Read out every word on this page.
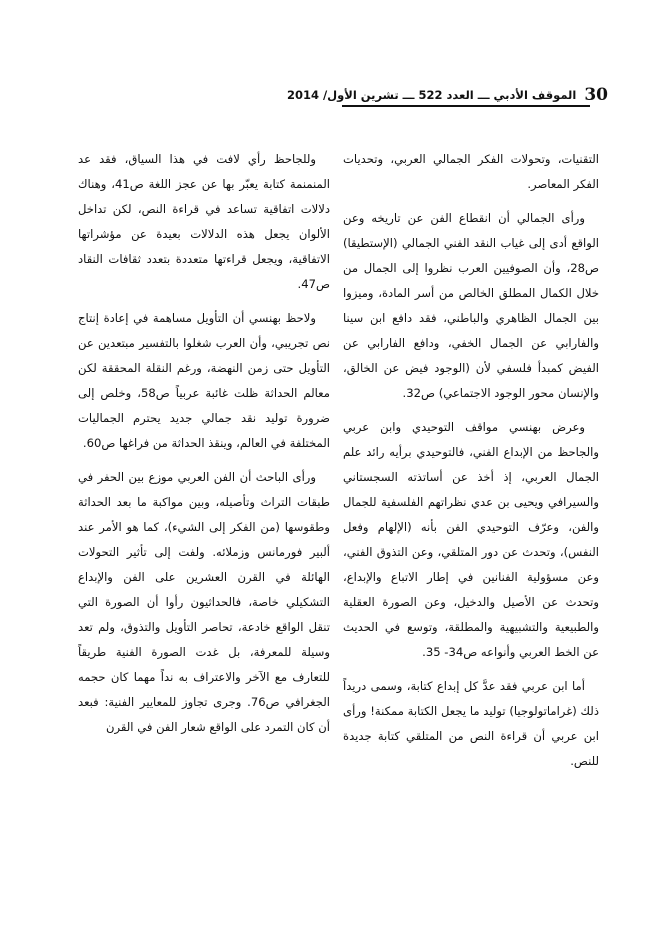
30
الموقف الأدبي ـــ العدد 522 ـــ تشرين الأول/ 2014

التقنيات، وتحولات الفكر الجمالي العربي، وتحديات الفكر المعاصر.

ورأى الجمالي أن انقطاع الفن عن تاريخه وعن الواقع أدى إلى غياب النقد الفني الجمالي (الإستطيقا) ص28، وأن الصوفيين العرب نظروا إلى الجمال من خلال الكمال المطلق الخالص من أسر المادة، وميزوا بين الجمال الظاهري والباطني، فقد دافع ابن سينا والفارابي عن الجمال الخفي، ودافع الفارابي عن الفيض كمبدأ فلسفي لأن (الوجود فيض عن الخالق، والإنسان محور الوجود الاجتماعي) ص32.

وعرض بهنسي مواقف التوحيدي وابن عربي والجاحظ من الإبداع الفني، فالتوحيدي برأيه رائد علم الجمال العربي، إذ أخذ عن أساتذته السجستاني والسيرافي ويحيى بن عدي نظراتهم الفلسفية للجمال والفن، وعرّف التوحيدي الفن بأنه (الإلهام وفعل النفس)، وتحدث عن دور المتلقي، وعن التذوق الفني، وعن مسؤولية الفنانين في إطار الاتباع والإبداع، وتحدث عن الأصيل والدخيل، وعن الصورة العقلية والطبيعية والتشبيهية والمطلقة، وتوسع في الحديث عن الخط العربي وأنواعه ص34- 35.

أما ابن عربي فقد عدَّ كل إبداع كتابة، وسمى دريداً ذلك (غراماتولوجيا) توليد ما يجعل الكتابة ممكنة! ورأى ابن عربي أن قراءة النص من المتلقي كتابة جديدة للنص.

وللجاحظ رأي لافت في هذا السياق، فقد عد المنمنمة كتابة يعبّر بها عن عجز اللغة ص41، وهناك دلالات اتفاقية تساعد في قراءة النص، لكن تداخل الألوان يجعل هذه الدلالات بعيدة عن مؤشراتها الاتفاقية، ويجعل قراءتها متعددة بتعدد ثقافات النقاد ص47.

ولاحظ بهنسي أن التأويل مساهمة في إعادة إنتاج نص تجريبي، وأن العرب شغلوا بالتفسير مبتعدين عن التأويل حتى زمن النهضة، ورغم النقلة المحققة لكن معالم الحداثة ظلت غائبة عربياً ص58، وخلص إلى ضرورة توليد نقد جمالي جديد يحترم الجماليات المختلفة في العالم، وينقذ الحداثة من فراغها ص60.

ورأى الباحث أن الفن العربي موزع بين الحفر في طبقات التراث وتأصيله، وبين مواكبة ما بعد الحداثة وطقوسها (من الفكر إلى الشيء)، كما هو الأمر عند ألبير فورمانس وزملائه. ولفت إلى تأثير التحولات الهائلة في القرن العشرين على الفن والإبداع التشكيلي خاصة، فالحداثيون رأوا أن الصورة التي تنقل الواقع خادعة، تحاصر التأويل والتذوق، ولم تعد وسيلة للمعرفة، بل غدت الصورة الفنية طريقاً للتعارف مع الآخر والاعتراف به نداً مهما كان حجمه الجغرافي ص76. وجرى تجاوز للمعايير الفنية: فبعد أن كان التمرد على الواقع شعار الفن في القرن
